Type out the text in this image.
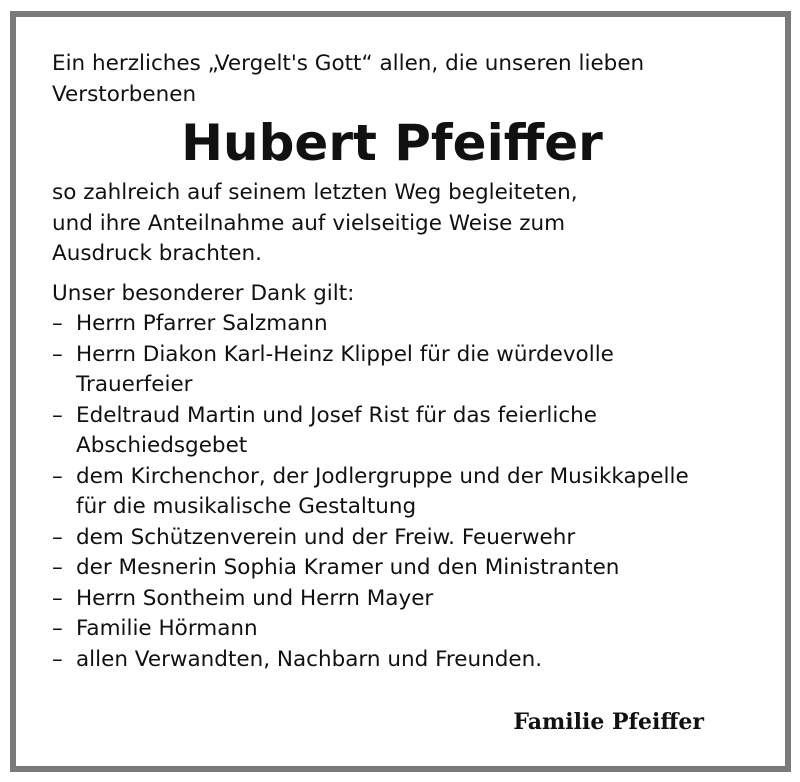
Ein herzliches „Vergelt's Gott“ allen, die unseren lieben Verstorbenen

Hubert Pfeiffer

so zahlreich auf seinem letzten Weg begleiteten, und ihre Anteilnahme auf vielseitige Weise zum Ausdruck brachten.

Unser besonderer Dank gilt:

– Herrn Pfarrer Salzmann
– Herrn Diakon Karl-Heinz Klippel für die würdevolle Trauerfeier
– Edeltraud Martin und Josef Rist für das feierliche Abschiedsgebet
– dem Kirchenchor, der Jodlergruppe und der Musikkapelle für die musikalische Gestaltung
– dem Schützenverein und der Freiw. Feuerwehr
– der Mesnerin Sophia Kramer und den Ministranten
– Herrn Sontheim und Herrn Mayer
– Familie Hörmann
– allen Verwandten, Nachbarn und Freunden.
Familie Pfeiffer
